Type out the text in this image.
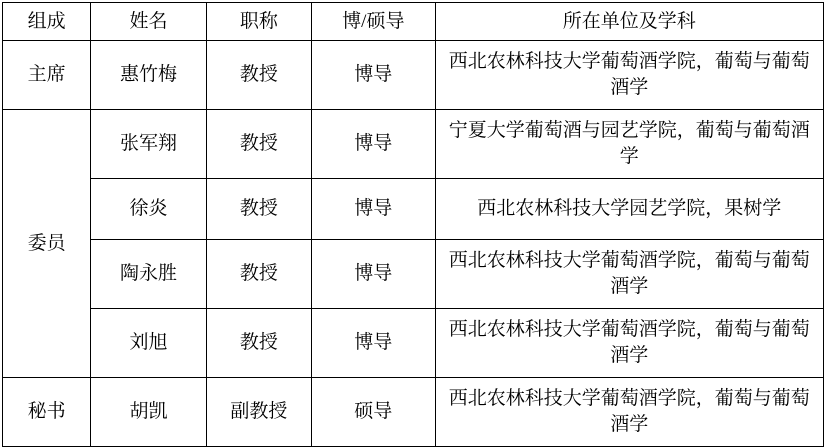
组成	姓名	职称	博/硕导	所在单位及学科
主席	惠竹梅	教授	博导	西北农林科技大学葡萄酒学院，葡萄与葡萄酒学
委员	张军翔	教授	博导	宁夏大学葡萄酒与园艺学院，葡萄与葡萄酒学
	徐炎	教授	博导	西北农林科技大学园艺学院，果树学
	陶永胜	教授	博导	西北农林科技大学葡萄酒学院，葡萄与葡萄酒学
	刘旭	教授	博导	西北农林科技大学葡萄酒学院，葡萄与葡萄酒学
秘书	胡凯	副教授	硕导	西北农林科技大学葡萄酒学院，葡萄与葡萄酒学
